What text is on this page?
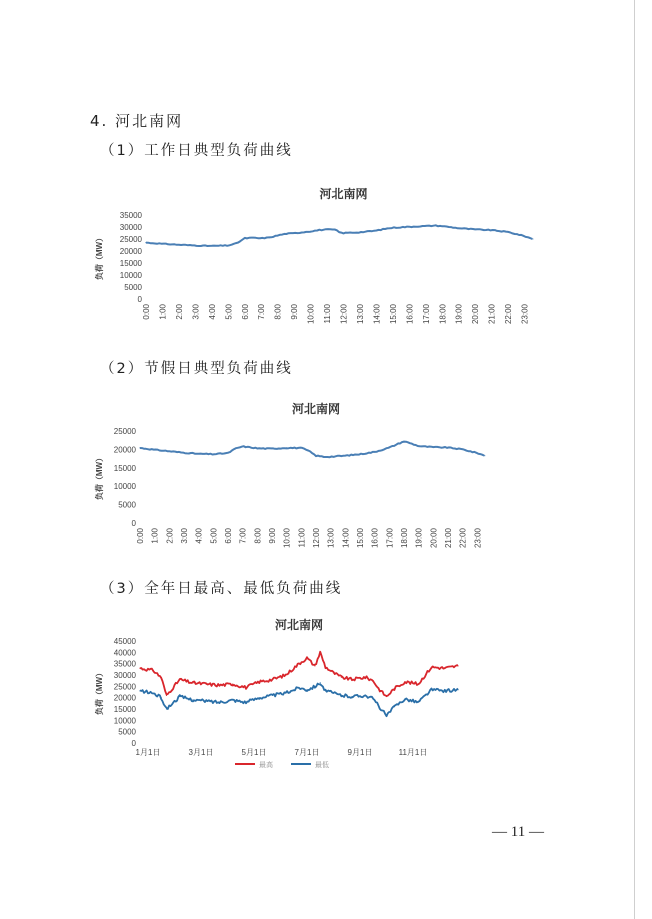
4. 河北南网
（1）工作日典型负荷曲线
河北南网
0
5000
10000
15000
20000
25000
30000
35000
负荷（MW）
0:00 1:00 2:00 3:00 4:00 5:00 6:00 7:00 8:00 9:00 10:00 11:00 12:00 13:00 14:00 15:00 16:00 17:00 18:00 19:00 20:00 21:00 22:00 23:00
（2）节假日典型负荷曲线
河北南网
0
5000
10000
15000
20000
25000
负荷（MW）
0:00 1:00 2:00 3:00 4:00 5:00 6:00 7:00 8:00 9:00 10:00 11:00 12:00 13:00 14:00 15:00 16:00 17:00 18:00 19:00 20:00 21:00 22:00 23:00
（3）全年日最高、最低负荷曲线
河北南网
0
5000
10000
15000
20000
25000
30000
35000
40000
45000
负荷（MW）
1月1日	3月1日	5月1日	7月1日	9月1日	11月1日
最高	最低
— 11 —
